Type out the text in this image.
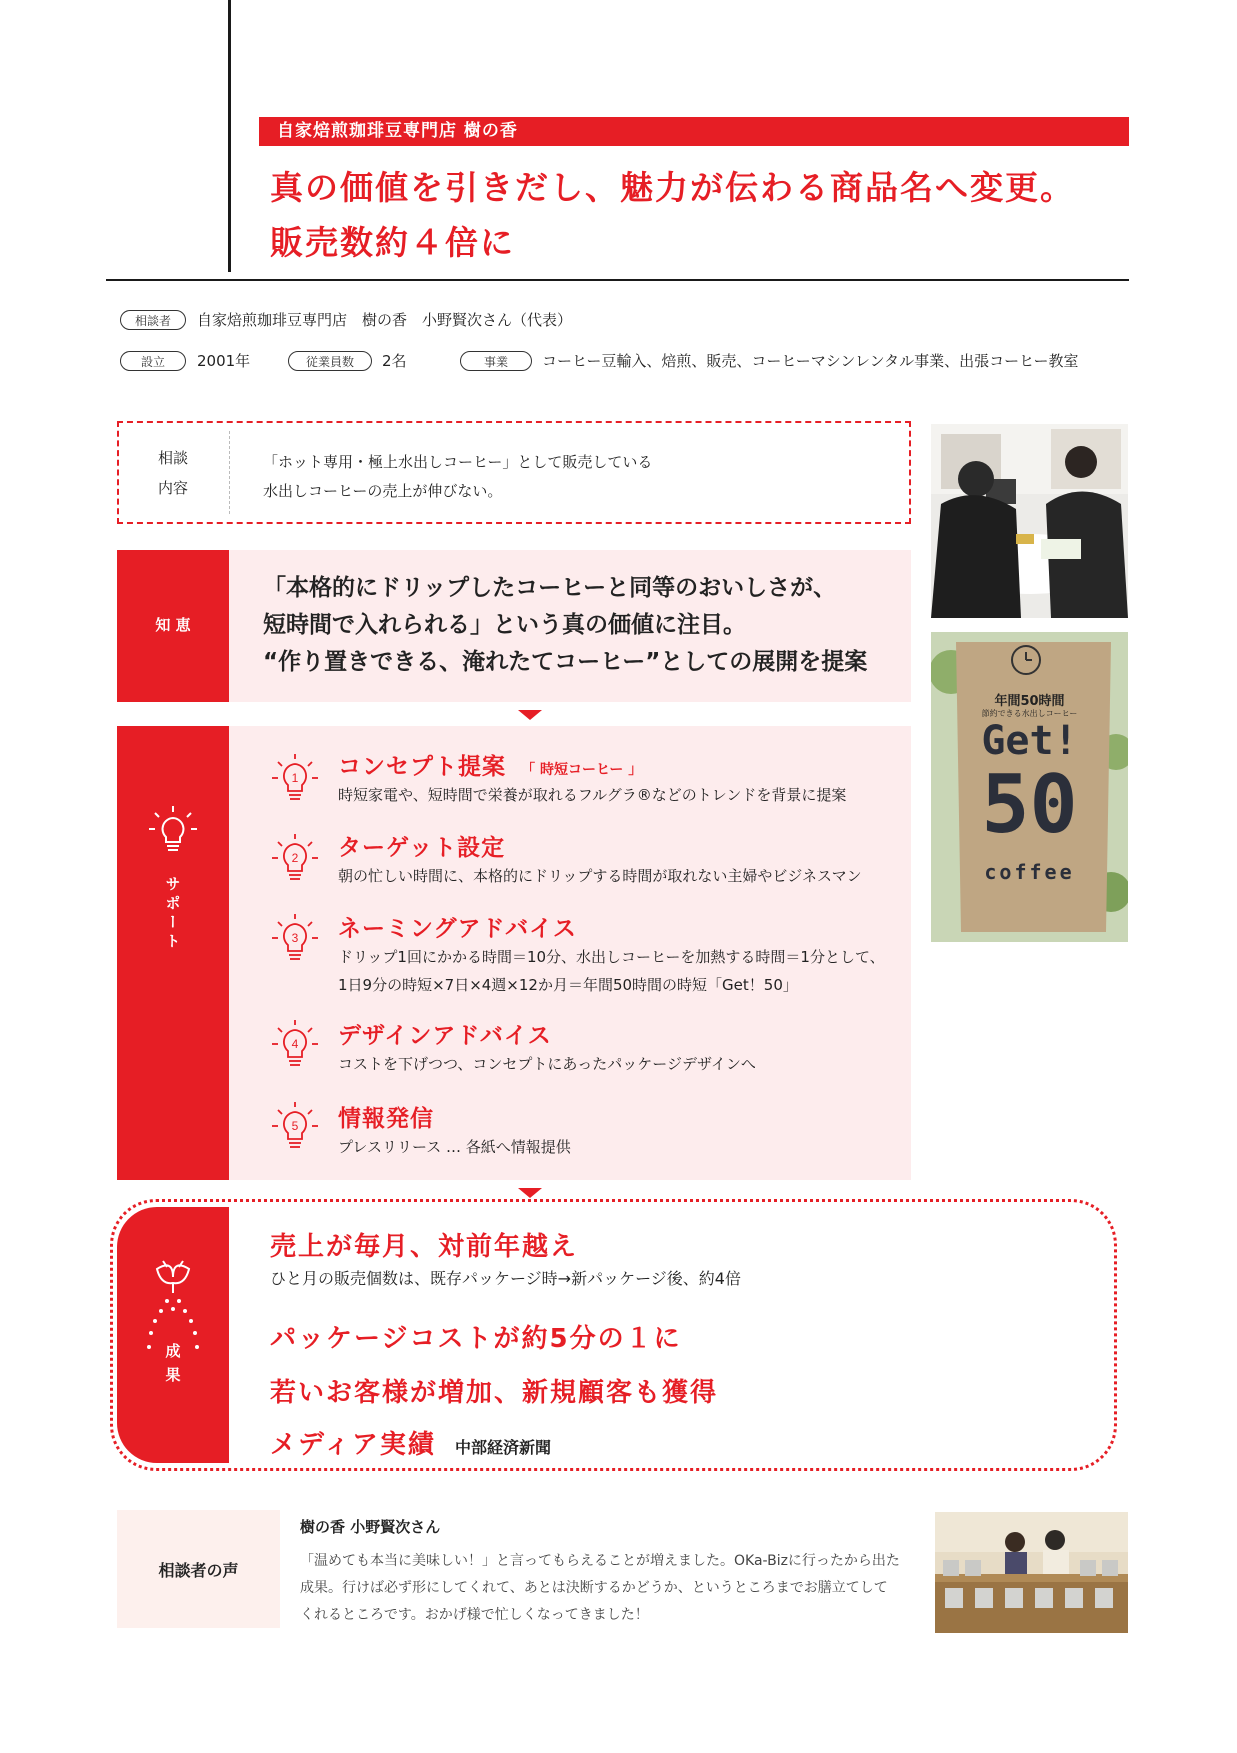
自家焙煎珈琲豆専門店 樹の香
真の価値を引きだし、魅力が伝わる商品名へ変更。
販売数約４倍に
相談者	自家焙煎珈琲豆専門店　樹の香　小野賢次さん（代表）
設立	2001年	従業員数	2名	事業	コーヒー豆輸入、焙煎、販売、コーヒーマシンレンタル事業、出張コーヒー教室
相談
内容
「ホット専用・極上水出しコーヒー」として販売している
水出しコーヒーの売上が伸びない。
年間50時間
節約できる水出しコーヒー
Get!
50
coffee
知 恵
「本格的にドリップしたコーヒーと同等のおいしさが、
短時間で入れられる」という真の価値に注目。
“作り置きできる、淹れたてコーヒー”としての展開を提案
サポート
1
2
3
4
5
コンセプト提案 「 時短コーヒー 」
時短家電や、短時間で栄養が取れるフルグラ®などのトレンドを背景に提案
ターゲット設定
朝の忙しい時間に、本格的にドリップする時間が取れない主婦やビジネスマン
ネーミングアドバイス
ドリップ1回にかかる時間＝10分、水出しコーヒーを加熱する時間＝1分として、
1日9分の時短×7日×4週×12か月＝年間50時間の時短「Get！50」
デザインアドバイス
コストを下げつつ、コンセプトにあったパッケージデザインへ
情報発信
プレスリリース … 各紙へ情報提供
成
果
売上が毎月、対前年越え
ひと月の販売個数は、既存パッケージ時→新パッケージ後、約4倍
パッケージコストが約5分の１に
若いお客様が増加、新規顧客も獲得
メディア実績 中部経済新聞
相談者の声
樹の香 小野賢次さん
「温めても本当に美味しい！」と言ってもらえることが増えました。OKa-Bizに行ったから出た成果。行けば必ず形にしてくれて、あとは決断するかどうか、というところまでお膳立てしてくれるところです。おかげ様で忙しくなってきました！
